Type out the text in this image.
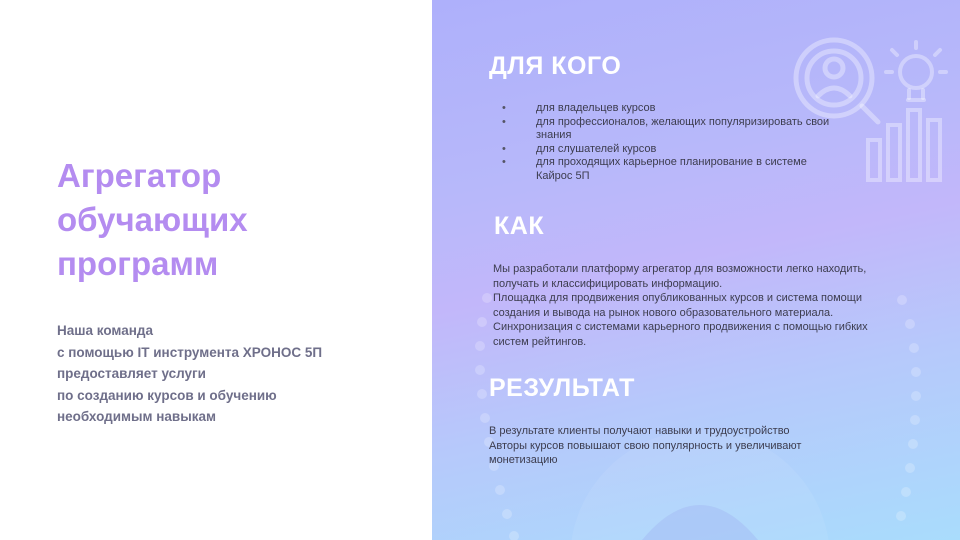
Агрегатор
обучающих
программ
Наша команда
с помощью IT инструмента ХРОНОС 5П
предоставляет услуги
по созданию курсов и обучению
необходимым навыкам
ДЛЯ КОГО
• для владельцев курсов
• для профессионалов, желающих популяризировать свои знания
• для слушателей курсов
• для проходящих карьерное планирование в системе Кайрос 5П
КАК
Мы разработали платформу агрегатор для возможности легко находить,
получать и классифицировать информацию.
Площадка для продвижения опубликованных курсов и система помощи
создания и вывода на рынок нового образовательного материала.
Синхронизация с системами карьерного продвижения с помощью гибких
систем рейтингов.
РЕЗУЛЬТАТ
В результате клиенты получают навыки и трудоустройство
Авторы курсов повышают свою популярность и увеличивают
монетизацию
